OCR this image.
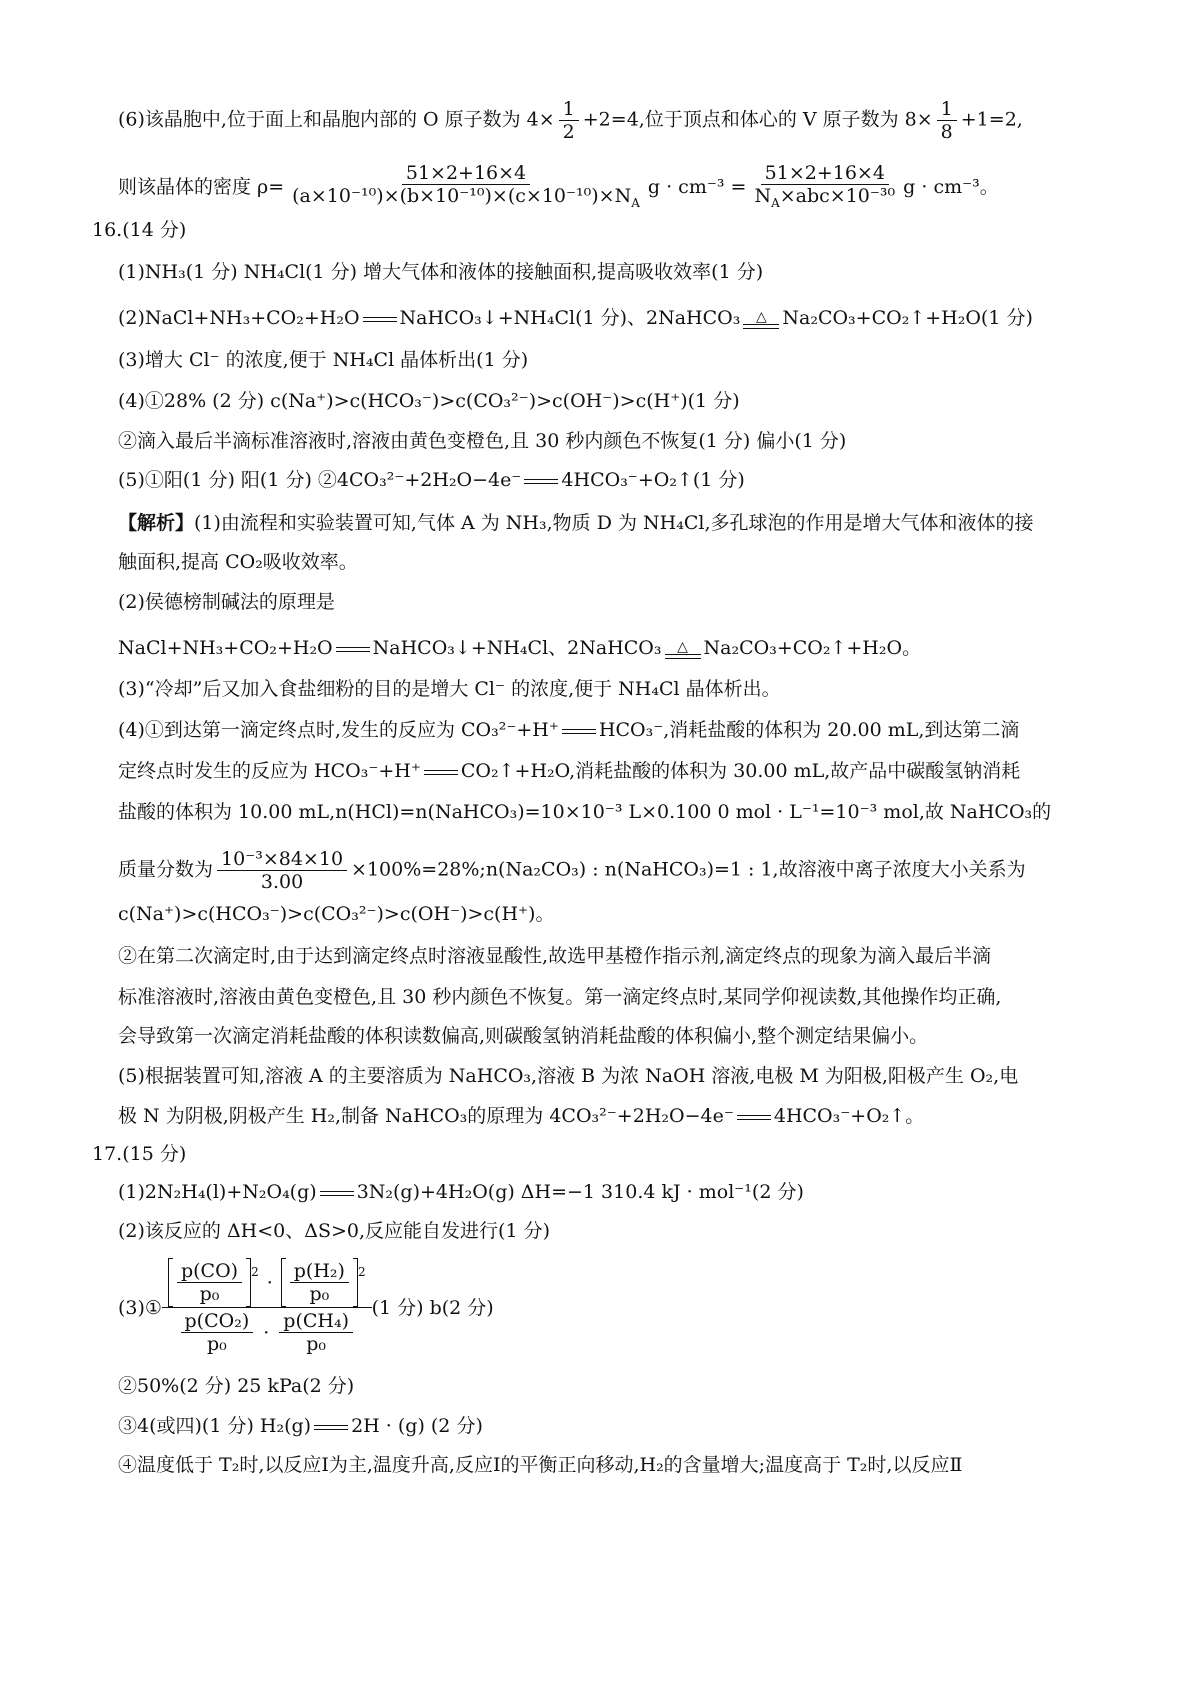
(6)该晶胞中,位于面上和晶胞内部的 O 原子数为 $4\times \frac{1}{2} +2=4$,位于顶点和体心的 V 原子数为 $8\times \frac{1}{8} +1=2$,
则该晶体的密度 $\rho= \frac{51\times 2+16\times 4}{(a\times 10^{-10})\times(b\times 10^{-10})\times(c\times 10^{-10})\times N_A}$ $g \cdot cm^{-3} = \frac{51\times 2+16\times 4}{N_A\times abc\times 10^{-30}}$ g · cm⁻³。
16.(14 分)
(1)NH₃(1 分) NH₄Cl(1 分) 增大气体和液体的接触面积,提高吸收效率(1 分)
(2)NaCl+NH₃+CO₂+H₂O NaHCO₃↓+NH₄Cl(1 分)、2NaHCO₃ △ Na₂CO₃+CO₂↑+H₂O(1 分)
(3)增大 Cl⁻ 的浓度,便于 NH₄Cl 晶体析出(1 分)
(4)①28% (2 分) c(Na⁺)>c(HCO₃⁻)>c(CO₃²⁻)>c(OH⁻)>c(H⁺)(1 分)
②滴入最后半滴标准溶液时,溶液由黄色变橙色,且 30 秒内颜色不恢复(1 分) 偏小(1 分)
(5)①阳(1 分) 阳(1 分) ②4CO₃²⁻+2H₂O−4e⁻ 4HCO₃⁻+O₂↑(1 分)
【解析】(1)由流程和实验装置可知,气体 A 为 NH₃,物质 D 为 NH₄Cl,多孔球泡的作用是增大气体和液体的接
触面积,提高 CO₂吸收效率。
(2)侯德榜制碱法的原理是
NaCl+NH₃+CO₂+H₂O NaHCO₃↓+NH₄Cl、2NaHCO₃ △ Na₂CO₃+CO₂↑+H₂O。
(3)“冷却”后又加入食盐细粉的目的是增大 Cl⁻ 的浓度,便于 NH₄Cl 晶体析出。
(4)①到达第一滴定终点时,发生的反应为 CO₃²⁻+H⁺ HCO₃⁻,消耗盐酸的体积为 20.00 mL,到达第二滴
定终点时发生的反应为 HCO₃⁻+H⁺ CO₂↑+H₂O,消耗盐酸的体积为 30.00 mL,故产品中碳酸氢钠消耗
盐酸的体积为 10.00 mL,n(HCl)=n(NaHCO₃)=10×10⁻³ L×0.100 0 mol · L⁻¹=10⁻³ mol,故 NaHCO₃的
质量分数为 $\frac{\text{10⁻³×84×10}}{3.00}$ ×100%=28%;n(Na₂CO₃) : n(NaHCO₃)=1 : 1,故溶液中离子浓度大小关系为
c(Na⁺)>c(HCO₃⁻)>c(CO₃²⁻)>c(OH⁻)>c(H⁺)。
②在第二次滴定时,由于达到滴定终点时溶液显酸性,故选甲基橙作指示剂,滴定终点的现象为滴入最后半滴
标准溶液时,溶液由黄色变橙色,且 30 秒内颜色不恢复。第一滴定终点时,某同学仰视读数,其他操作均正确,
会导致第一次滴定消耗盐酸的体积读数偏高,则碳酸氢钠消耗盐酸的体积偏小,整个测定结果偏小。
(5)根据装置可知,溶液 A 的主要溶质为 NaHCO₃,溶液 B 为浓 NaOH 溶液,电极 M 为阳极,阳极产生 O₂,电
极 N 为阴极,阴极产生 H₂,制备 NaHCO₃的原理为 4CO₃²⁻+2H₂O−4e⁻ 4HCO₃⁻+O₂↑。
17.(15 分)
(1)2N₂H₄(l)+N₂O₄(g) 3N₂(g)+4H₂O(g) ΔH=−1 310.4 kJ · mol⁻¹(2 分)
(2)该反应的 ΔH<0、ΔS>0,反应能自发进行(1 分)
(3)① $\frac{\frac{p(CO)}{\text{p₀}} ^2 \cdot \frac{\text{p(H₂)}}{\text{p₀}} ^2}{\frac{\text{p(CO₂)}}{\text{p₀}} \cdot \frac{\text{p(CH₄)}}{\text{p₀}}} (1$ 分) b(2 分)
②50%(2 分) 25 kPa(2 分)
③4(或四)(1 分) H₂(g) 2H · (g) (2 分)
④温度低于 T₂时,以反应Ⅰ为主,温度升高,反应Ⅰ的平衡正向移动,H₂的含量增大;温度高于 T₂时,以反应Ⅱ
